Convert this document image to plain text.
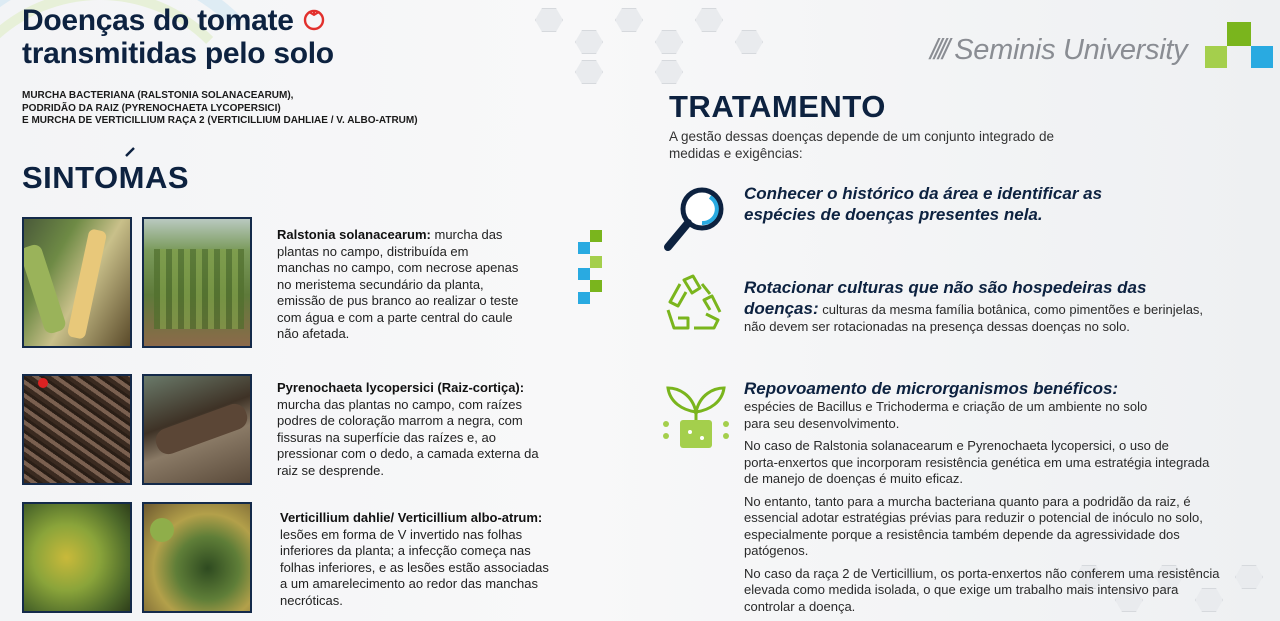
Doenças do tomate
transmitidas pelo solo
MURCHA BACTERIANA (RALSTONIA SOLANACEARUM),
PODRIDÃO DA RAIZ (PYRENOCHAETA LYCOPERSICI)
E MURCHA DE VERTICILLIUM RAÇA 2 (VERTICILLIUM DAHLIAE / V. ALBO-ATRUM)
SINTOMAS
Ralstonia solanacearum: murcha das
plantas no campo, distribuída em
manchas no campo, com necrose apenas
no meristema secundário da planta,
emissão de pus branco ao realizar o teste
com água e com a parte central do caule
não afetada.
Pyrenochaeta lycopersici (Raiz-cortiça):
murcha das plantas no campo, com raízes
podres de coloração marrom a negra, com
fissuras na superfície das raízes e, ao
pressionar com o dedo, a camada externa da
raiz se desprende.
Verticillium dahlie/ Verticillium albo-atrum:
lesões em forma de V invertido nas folhas
inferiores da planta; a infecção começa nas
folhas inferiores, e as lesões estão associadas
a um amarelecimento ao redor das manchas
necróticas.
//// Seminis University
TRATAMENTO
A gestão dessas doenças depende de um conjunto integrado de
medidas e exigências:
Conhecer o histórico da área e identificar as
espécies de doenças presentes nela.
Rotacionar culturas que não são hospedeiras das
doenças: culturas da mesma família botânica, como pimentões e berinjelas,
não devem ser rotacionadas na presença dessas doenças no solo.
Repovoamento de microrganismos benéficos:
espécies de Bacillus e Trichoderma e criação de um ambiente no solo
para seu desenvolvimento.
No caso de Ralstonia solanacearum e Pyrenochaeta lycopersici, o uso de
porta-enxertos que incorporam resistência genética em uma estratégia integrada
de manejo de doenças é muito eficaz.
No entanto, tanto para a murcha bacteriana quanto para a podridão da raiz, é
essencial adotar estratégias prévias para reduzir o potencial de inóculo no solo,
especialmente porque a resistência também depende da agressividade dos
patógenos.
No caso da raça 2 de Verticillium, os porta-enxertos não conferem uma resistência
elevada como medida isolada, o que exige um trabalho mais intensivo para
controlar a doença.
